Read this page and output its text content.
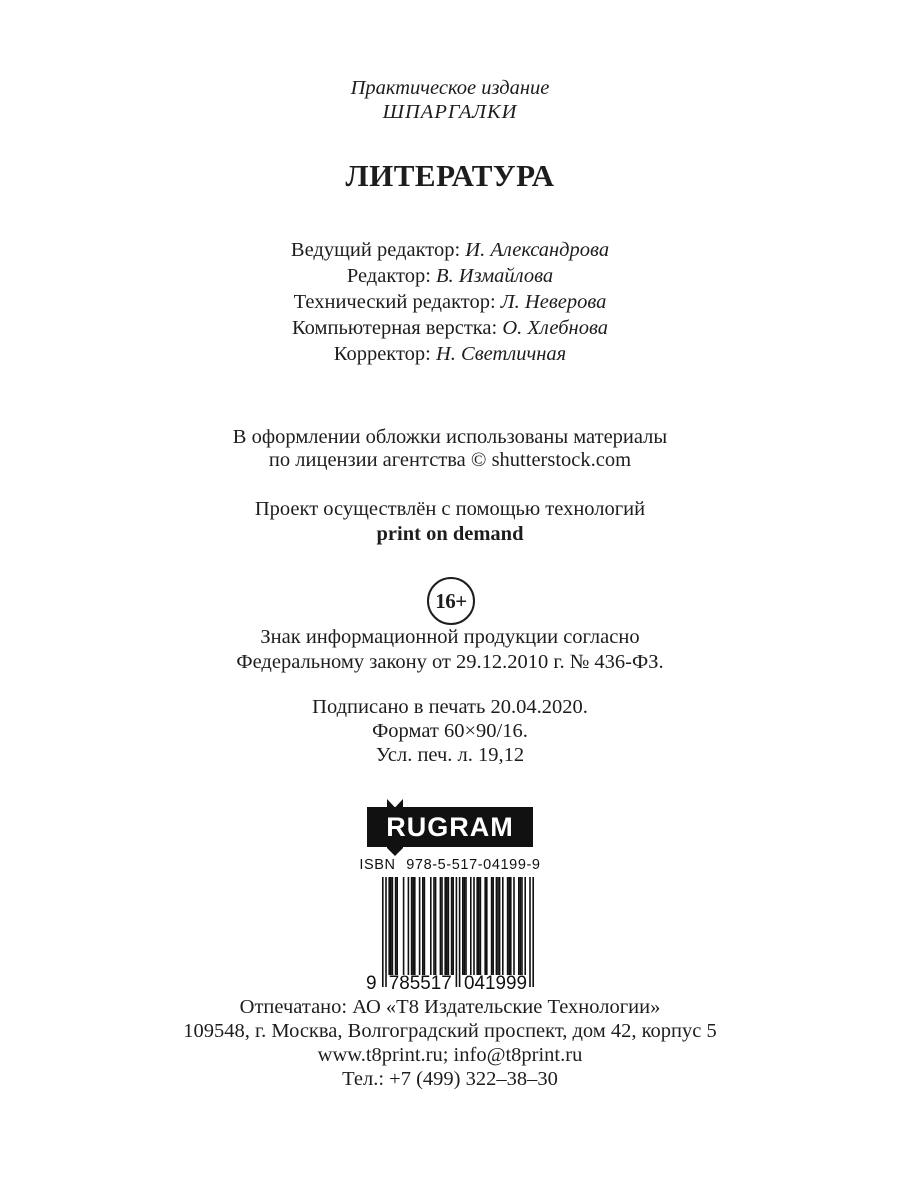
Практическое издание
ШПАРГАЛКИ
ЛИТЕРАТУРА
Ведущий редактор: И. Александрова
Редактор: В. Измайлова
Технический редактор: Л. Неверова
Компьютерная верстка: О. Хлебнова
Корректор: Н. Светличная
В оформлении обложки использованы материалы
по лицензии агентства © shutterstock.com
Проект осуществлён с помощью технологий
print on demand
16+
Знак информационной продукции согласно
Федеральному закону от 29.12.2010 г. № 436-ФЗ.
Подписано в печать 20.04.2020.
Формат 60×90/16.
Усл. печ. л. 19,12
RUGRAM
ISBN 978-5-517-04199-9
9 785517 041999
Отпечатано: АО «Т8 Издательские Технологии»
109548, г. Москва, Волгоградский проспект, дом 42, корпус 5
www.t8print.ru; info@t8print.ru
Тел.: +7 (499) 322–38–30
